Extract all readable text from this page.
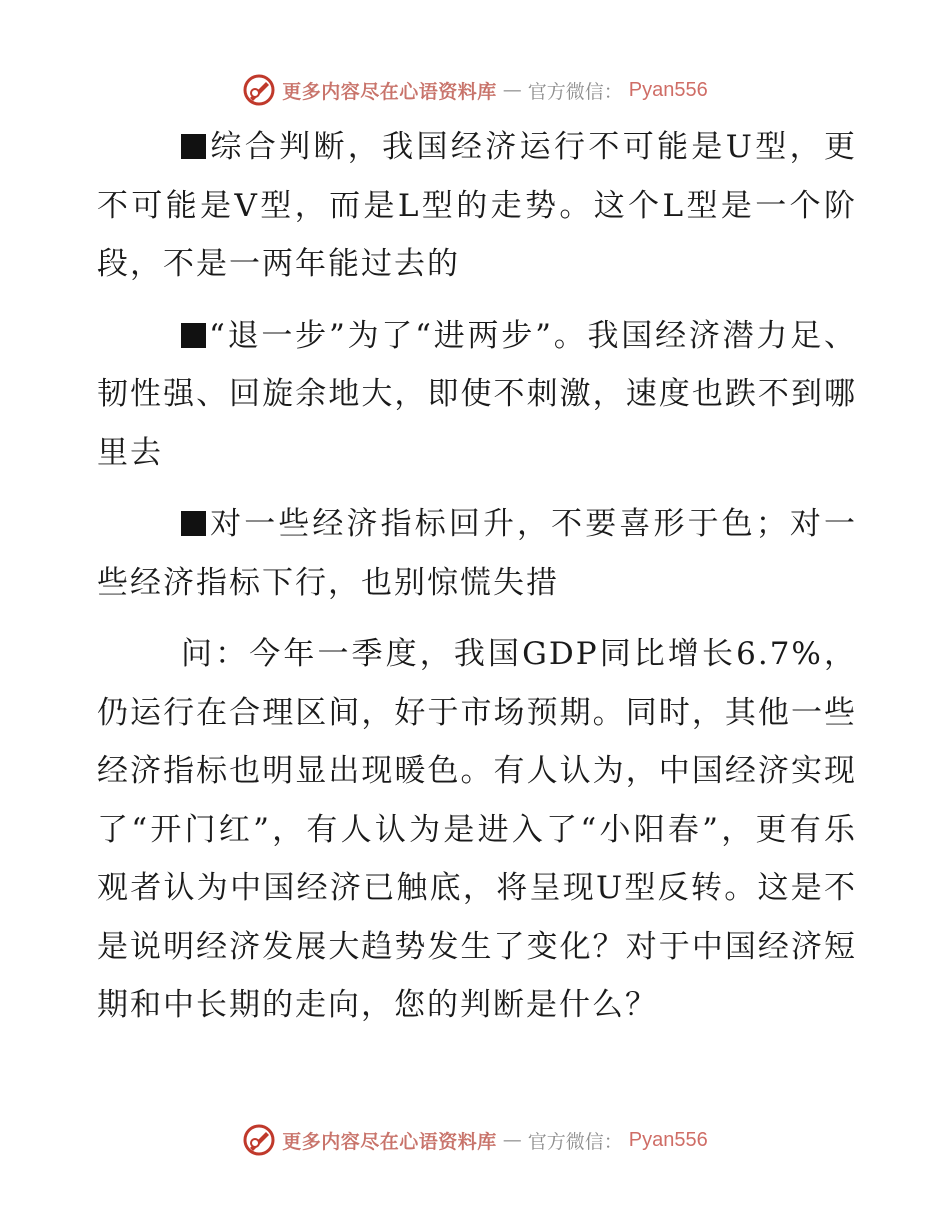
更多内容尽在心语资料库 — 官方微信： Pyan556

综合判断，我国经济运行不可能是U型，更不可能是V型，而是L型的走势。这个L型是一个阶段，不是一两年能过去的

“退一步”为了“进两步”。我国经济潜力足、韧性强、回旋余地大，即使不刺激，速度也跌不到哪里去

对一些经济指标回升，不要喜形于色；对一些经济指标下行，也别惊慌失措

问：今年一季度，我国GDP同比增长6.7%，仍运行在合理区间，好于市场预期。同时，其他一些经济指标也明显出现暖色。有人认为，中国经济实现了“开门红”，有人认为是进入了“小阳春”，更有乐观者认为中国经济已触底，将呈现U型反转。这是不是说明经济发展大趋势发生了变化？对于中国经济短期和中长期的走向，您的判断是什么？

更多内容尽在心语资料库 — 官方微信： Pyan556
